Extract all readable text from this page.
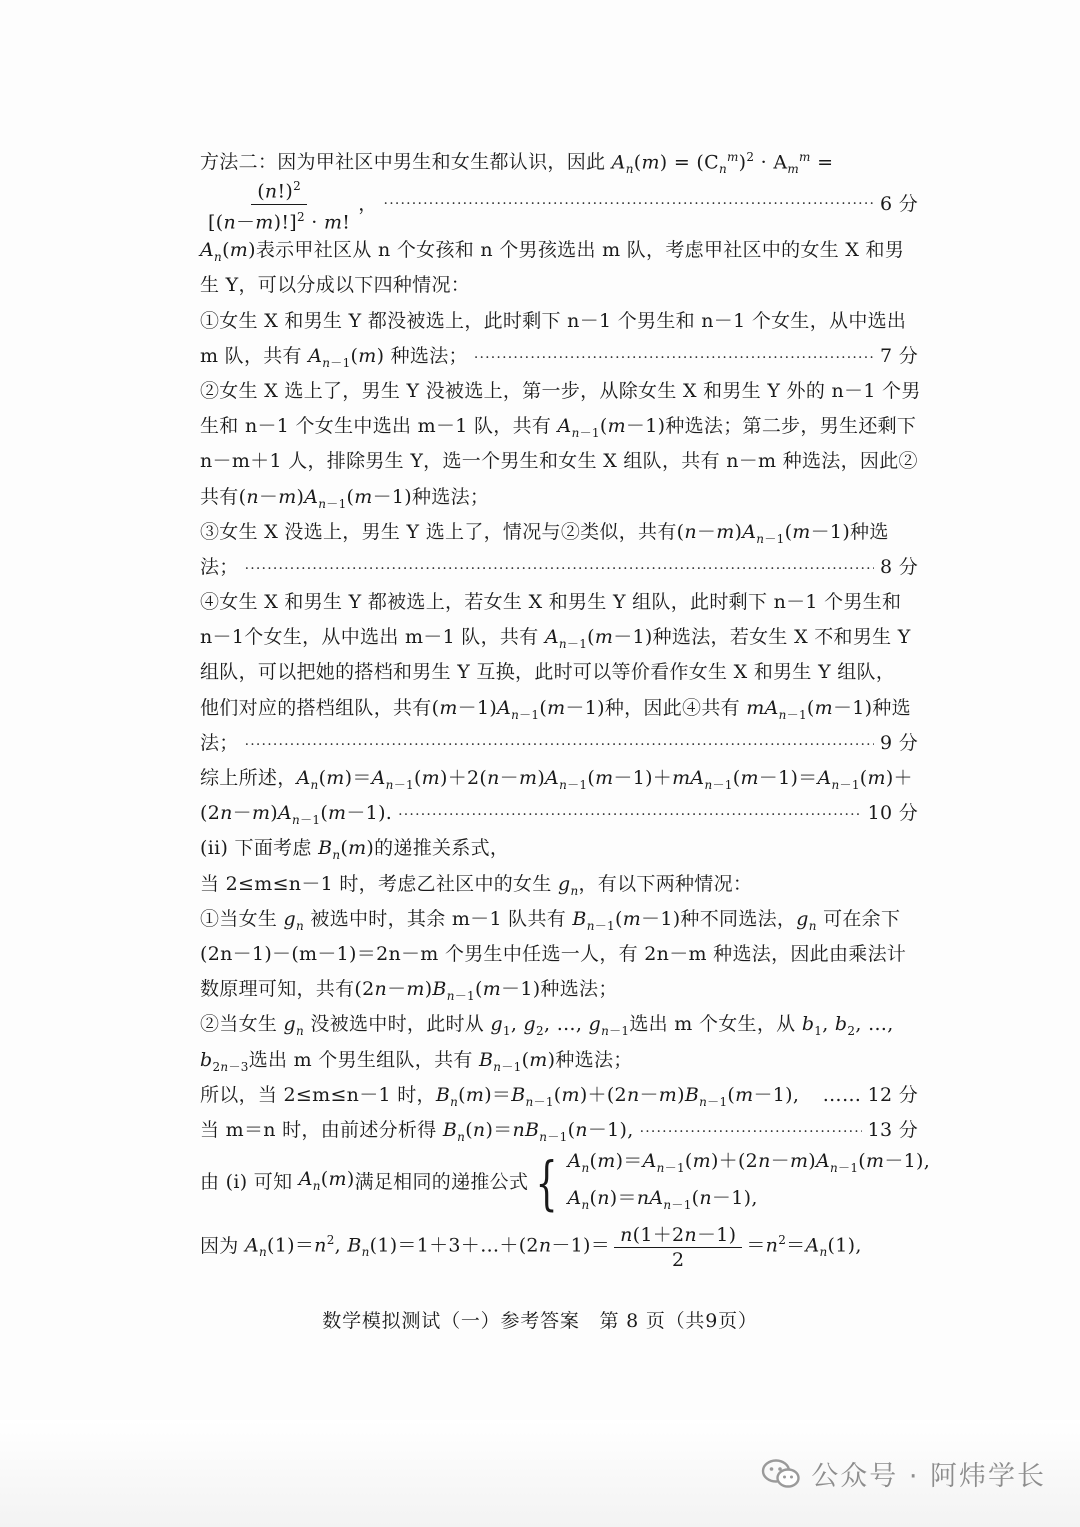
方法二：因为甲社区中男生和女生都认识，因此 $A_n(m) = (C_n^m)^2 \cdot A_m^m$ =
$\frac{(n!)^2}{[(n-m)!]^2 \cdot m!}$ ， ·····	6 分
$A_n(m)$ 表示甲社区从 n 个女孩和 n 个男孩选出 m 队，考虑甲社区中的女生 X 和男
生 Y，可以分成以下四种情况：
①女生 X 和男生 Y 都没被选上，此时剩下 n－1 个男生和 n－1 个女生，从中选出
m 队，共有 $A_{n-1}(m)$ 种选法； ·····	7 分
②女生 X 选上了，男生 Y 没被选上，第一步，从除女生 X 和男生 Y 外的 n－1 个男
生和 n－1 个女生中选出 m－1 队，共有 $A_{n-1}(m-1)$ 种选法；第二步，男生还剩下
n－m＋1 人，排除男生 Y，选一个男生和女生 X 组队，共有 n－m 种选法，因此②
共有 $(n-m)A_{n-1}(m-1)$ 种选法；
③女生 X 没选上，男生 Y 选上了，情况与②类似，共有 $(n-m)A_{n-1}(m-1)$ 种选
法； ·····	8 分
④女生 X 和男生 Y 都被选上，若女生 X 和男生 Y 组队，此时剩下 n－1 个男生和
n－1个女生，从中选出 m－1 队，共有 $A_{n-1}(m-1)$ 种选法，若女生 X 不和男生 Y
组队，可以把她的搭档和男生 Y 互换，此时可以等价看作女生 X 和男生 Y 组队，
他们对应的搭档组队，共有 $(m-1)A_{n-1}(m-1)$ 种，因此④共有 $mA_{n-1}(m-1)$ 种选
法； ·····	9 分
综上所述， $A_n(m)=A_{n-1}(m)+2(n-m)A_{n-1}(m-1)+mA_{n-1}(m-1)=A_{n-1}(m)+$
$(2n-m)A_{n-1}(m-1)$. ·····	10 分
(ii) 下面考虑 $B_n(m)$ 的递推关系式，
当 2≤m≤n－1 时，考虑乙社区中的女生 $g_n$ ，有以下两种情况：
①当女生 $g_n$ 被选中时，其余 m－1 队共有 $B_{n-1}(m-1)$ 种不同选法， $g_n$ 可在余下
(2n－1)－(m－1)＝2n－m 个男生中任选一人，有 2n－m 种选法，因此由乘法计
数原理可知，共有 $(2n-m)B_{n-1}(m-1)$ 种选法；
②当女生 $g_n$ 没被选中时，此时从 $g_1$, $g_2$, …, $g_{n-1}$ 选出 m 个女生，从 $b_1$, $b_2$, …,
$b_{2n-3}$ 选出 m 个男生组队，共有 $B_{n-1}(m)$ 种选法；
所以，当 2≤m≤n－1 时， $B_n(m)=B_{n-1}(m)+(2n-m)B_{n-1}(m-1)$, …… 12 分
当 m＝n 时，由前述分析得 $B_n(n)=nB_{n-1}(n-1)$, ·····	13 分
由 (i) 可知 $A_n(m)$ 满足相同的递推公式 { $A_n(m)=A_{n-1}(m)+(2n-m)A_{n-1}(m-1)$,
$A_n(n)=nA_{n-1}(n-1)$,
因为 $A_n(1)=n^2$, $B_n(1)=1+3+\dots+(2n-1)= \frac{n(1+2n-1)}{2} =n^2=A_n(1)$,
数学模拟测试（一）参考答案　第 8 页（共9页）
公众号 · 阿炜学长
